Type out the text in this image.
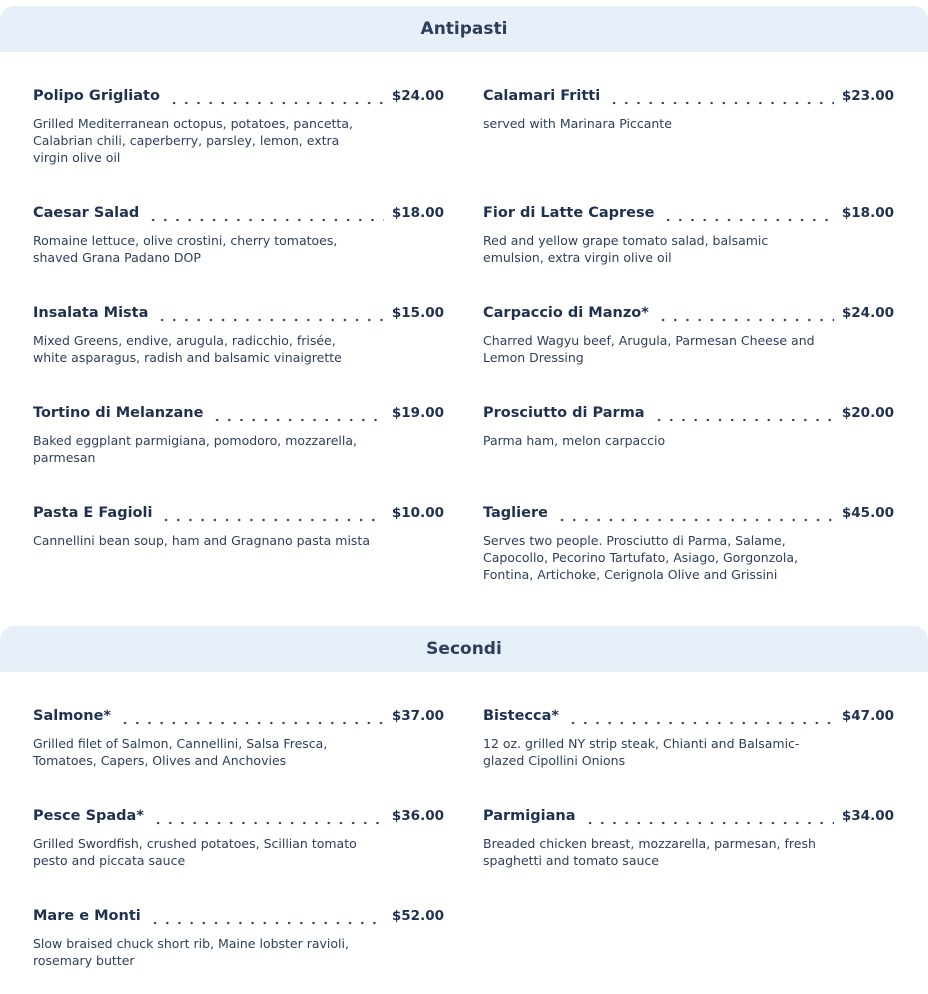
Antipasti
Polipo Grigliato	$24.00
Grilled Mediterranean octopus, potatoes, pancetta, Calabrian chili, caperberry, parsley, lemon, extra virgin olive oil
Caesar Salad	$18.00
Romaine lettuce, olive crostini, cherry tomatoes, shaved Grana Padano DOP
Insalata Mista	$15.00
Mixed Greens, endive, arugula, radicchio, frisée, white asparagus, radish and balsamic vinaigrette
Tortino di Melanzane	$19.00
Baked eggplant parmigiana, pomodoro, mozzarella, parmesan
Pasta E Fagioli	$10.00
Cannellini bean soup, ham and Gragnano pasta mista
Calamari Fritti	$23.00
served with Marinara Piccante
Fior di Latte Caprese	$18.00
Red and yellow grape tomato salad, balsamic emulsion, extra virgin olive oil
Carpaccio di Manzo*	$24.00
Charred Wagyu beef, Arugula, Parmesan Cheese and Lemon Dressing
Prosciutto di Parma	$20.00
Parma ham, melon carpaccio
Tagliere	$45.00
Serves two people. Prosciutto di Parma, Salame, Capocollo, Pecorino Tartufato, Asiago, Gorgonzola, Fontina, Artichoke, Cerignola Olive and Grissini
Secondi
Salmone*	$37.00
Grilled filet of Salmon, Cannellini, Salsa Fresca, Tomatoes, Capers, Olives and Anchovies
Pesce Spada*	$36.00
Grilled Swordfish, crushed potatoes, Scillian tomato pesto and piccata sauce
Mare e Monti	$52.00
Slow braised chuck short rib, Maine lobster ravioli, rosemary butter
Bistecca*	$47.00
12 oz. grilled NY strip steak, Chianti and Balsamic-glazed Cipollini Onions
Parmigiana	$34.00
Breaded chicken breast, mozzarella, parmesan, fresh spaghetti and tomato sauce
